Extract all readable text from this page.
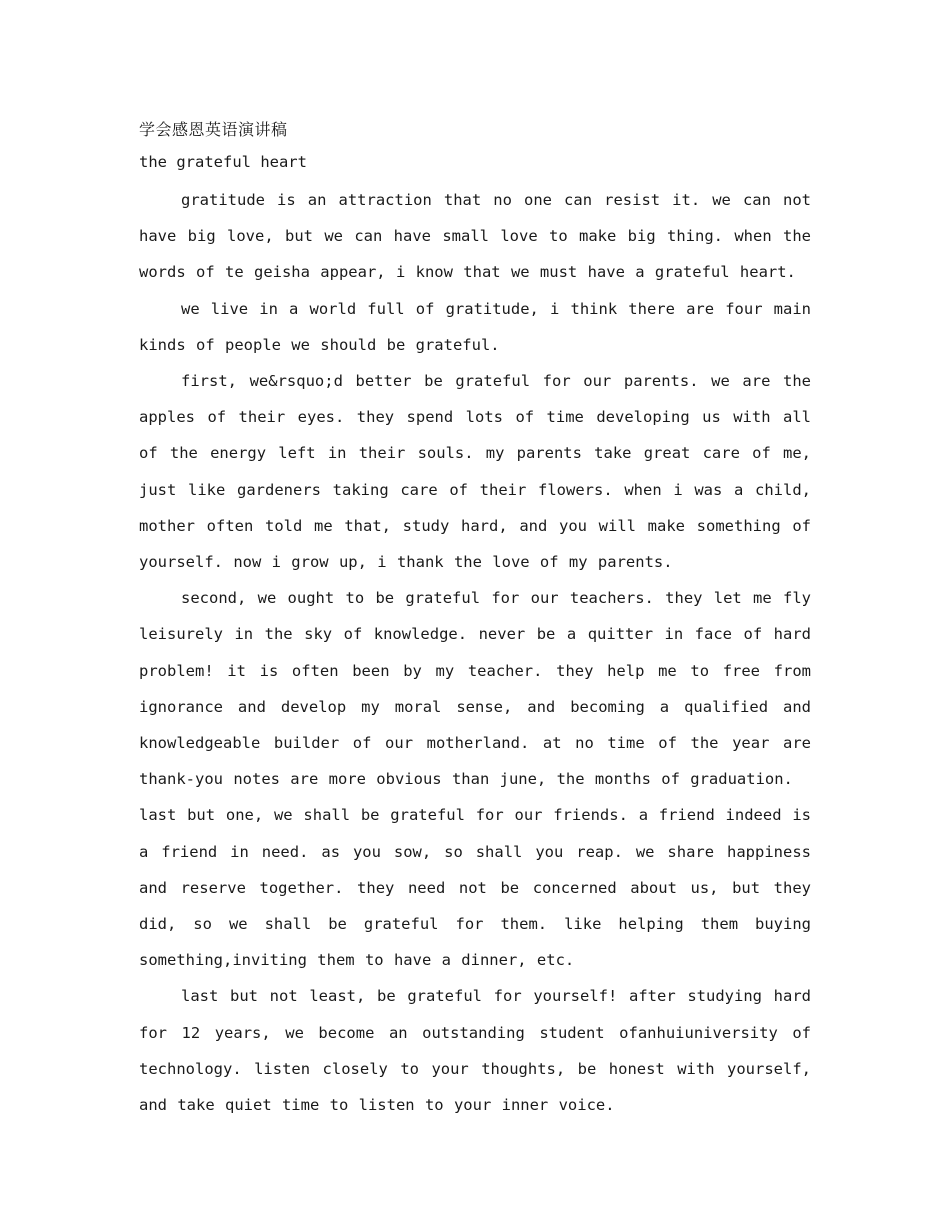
学会感恩英语演讲稿
the grateful heart

gratitude is an attraction that no one can resist it. we can not have big love, but we can have small love to make big thing. when the words of te geisha appear, i know that we must have a grateful heart.

we live in a world full of gratitude, i think there are four main kinds of people we should be grateful.

first, we&rsquo;d better be grateful for our parents. we are the apples of their eyes. they spend lots of time developing us with all of the energy left in their souls. my parents take great care of me, just like gardeners taking care of their flowers. when i was a child, mother often told me that, study hard, and you will make something of yourself. now i grow up, i thank the love of my parents.

second, we ought to be grateful for our teachers. they let me fly leisurely in the sky of knowledge. never be a quitter in face of hard problem! it is often been by my teacher. they help me to free from ignorance and develop my moral sense, and becoming a qualified and knowledgeable builder of our motherland. at no time of the year are thank-you notes are more obvious than june, the months of graduation.

last but one, we shall be grateful for our friends. a friend indeed is a friend in need. as you sow, so shall you reap. we share happiness and reserve together. they need not be concerned about us, but they did, so we shall be grateful for them. like helping them buying something,inviting them to have a dinner, etc.

last but not least, be grateful for yourself! after studying hard for 12 years, we become an outstanding student ofanhuiuniversity of technology. listen closely to your thoughts, be honest with yourself, and take quiet time to listen to your inner voice.
